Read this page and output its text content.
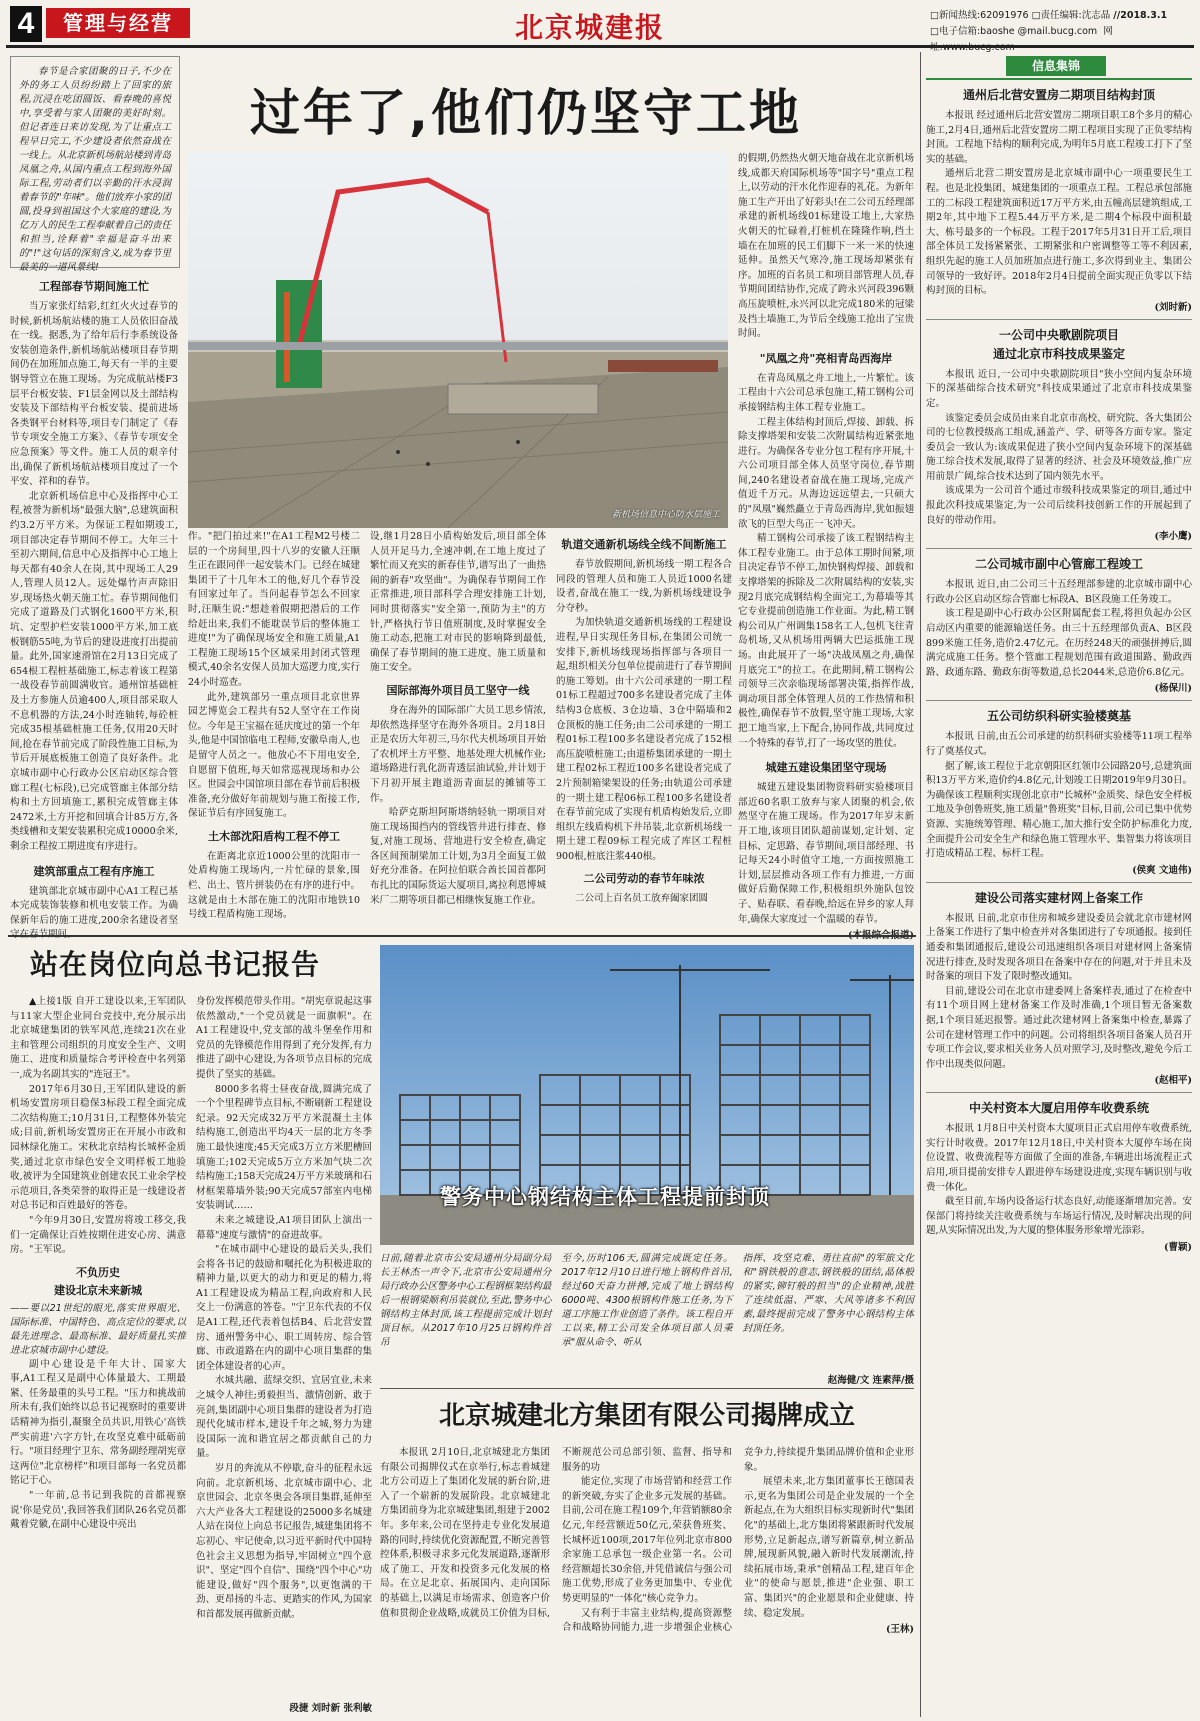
4	管理与经营	北京城建报	□新闻热线:62091976 □责任编辑:沈志晶 //2018.3.1
□电子信箱:baoshe @mail.bucg.com 网

春节是合家团聚的日子,不少在外的务工人员纷纷踏上了回家的旅程,沉浸在吃团圆饭、看春晚的喜悦中,享受着与家人团聚的美好时刻。但记者连日来访发现,为了让重点工程早日完工,不少建设者依然奋战在一线上。从北京新机场航站楼到青岛凤凰之舟,从国内重点工程到海外国际工程,劳动者们以辛勤的汗水浸润着春节的"年味"。他们放弃小家的团圆,投身到祖国这个大家庭的建设,为亿万人的民生工程奉献着自己的责任和担当,诠释着"幸福是奋斗出来的"!"这句话的深刻含义,成为春节里最美的一道风景线!

过年了,他们仍坚守工地
新机场信息中心防水层施工
工程部春节期间施工忙

当万家张灯结彩,红红火火过春节的时候,新机场航站楼的施工人员依旧奋战在一线。据悉,为了给年后行李系统设备安装创造条件,新机场航站楼项目春节期间仍在加班加点施工,每天有一半的主要钢导管立在施工现场。为完成航站楼F3层平台板安装、F1层金网以及土部结构安装及下部结构平台板安装、提前进场各类钢平台材料等,项目专门制定了《春节专项安全施工方案》、《春节专项安全应急预案》等文件。施工人员的艰辛付出,确保了新机场航站楼项目度过了一个平安、祥和的春节。

北京新机场信息中心及指挥中心工程,被誉为新机场"最强大脑",总建筑面积约3.2万平方米。为保证工程如期竣工,项目部决定春节期间不停工。大年三十至初六期间,信息中心及指挥中心工地上每天都有40余人在岗,其中现场工人29人,管理人员12人。远处爆竹声声除旧岁,现场热火朝天施工忙。春节期间他们完成了道路及门式钢化1600平方米,积坑、定型护栏安装1000平方米,加工底板钢筋55吨,为节后的建设进度打出提前量。此外,国家速滑馆在2月13日完成了654根工程桩基础施工,标志着该工程第一战役春节前圆满收官。通州馆基础桩及土方参施人员逾400人,项目部采取人不息机器的方法,24小时连轴转,每砼桩完成35根基础桩施工任务,仅用20天时间,抢在春节前完成了阶段性施工目标,为节后开展底板施工创造了良好条件。北京城市副中心行政办公区启动区综合管廊工程(七标段),已完成管廊主体部分结构和土方回填施工,累积完成管廊主体2472米,土方开挖和回填合计85万方,各类线槽和支架安装累积完成10000余米,剩余工程按工期进度有序进行。

建筑部重点工程有序施工

建筑部北京城市副中心A1工程已基本完成装饰装修和机电安装工作。为确保新年后的施工进度,200余名建设者坚

作。"把门拍过来!"在A1工程M2号楼二层的一个房间里,四十八岁的安徽人汪顺生正在跟同伴一起安装木门。已经在城建集团干了十几年木工的他,好几个春节没有回家过年了。当问起春节怎么不回家时,汪顺生说:"想趁着假期把潜后的工作给赶出来,我们不能耽误节后的整体施工进度!"为了确保现场安全和施工质量,A1工程施工现场15个区域采用封闭式管理模式,40余名安保人员加大巡逻力度,实行24小时巡查。

此外,建筑部另一重点项目北京世界园艺博览会工程共有52人坚守在工作岗位。今年是王宝福在延庆度过的第一个年头,他是中国馆临电工程师,安徽阜南人,也是留守人员之一。他放心不下用电安全,自愿留下值班,每天如常巡视现场和办公区。世园会中国馆项目部在春节前后积极准备,充分做好年前规划与施工衔接工作,保证节后有序回复施工。

土木部沈阳盾构工程不停工

在距离北京近1000公里的沈阳市一处盾构施工现场内,一片忙碌的景象,围栏、出土、管片拼装仍在有序的进行中。这就是由土木部在施工的沈阳市地铁10号线工程盾构施工现场。

设,继1月28日小盾构始发后,项目部全体人员开足马力,全速冲刺,在工地上度过了繁忙而又充实的新春佳节,谱写出了一曲热闹的新春"攻坚曲"。为确保春节期间工作正常推进,项目部科学合理安排施工计划,同时贯彻落实"安全第一,预防为主"的方针,严格执行节日值班制度,及时掌握安全施工动态,把施工对市民的影响降到最低,确保了春节期间的施工进度、施工质量和施工安全。

国际部海外项目员工坚守一线

身在海外的国际部广大员工思乡情浓,却依然选择坚守在海外各项目。2月18日正是农历大年初三,马尔代夫机场项目开始了农机坪土方平整、地基处理大机械作业;道场路进行乳化沥青透层油试验,并计划于下月初开展主跑道沥青面层的摊铺等工作。

哈萨克斯坦阿斯塔纳轻轨一期项目对施工现场围挡内的管线管井进行排查、修复,对施工现场、营地进行安全检查,确定各区间预制梁加工计划,为3月全面复工做好充分准备。在阿拉伯联合酋长国首都阿布扎比的国际货运大厦项目,离拉利恩博城米厂二期等项目都已相继恢复施工作业。

轨道交通新机场线全线不间断施工

春节放假期间,新机场线一期工程各合同段的管理人员和施工人员近1000名建设者,奋战在施工一线,为新机场线建设争分夺秒。

为加快轨道交通新机场线的工程建设进程,早日实现任务目标,在集团公司统一安排下,新机场线现场指挥部与各项目一起,组织相关分包单位提前进行了春节期间的施工筹划。由十六公司承建的一期工程01标工程超过700多名建设者完成了主体结构3仓底板、3仓边墙、3仓中隔墙和2仓顶板的施工任务;由二公司承建的一期工程01标工程100多名建设者完成了152根高压旋喷桩施工;由道桥集团承建的一期土建工程02标工程近100多名建设者完成了2片预制箱梁架设的任务;由轨道公司承建的一期土建工程06标工程100多名建设者在春节前完成了实现有机盾构始发后,立即组织左线盾构机下井吊装,北京新机场线一期土建工程09标工程完成了库区工程桩900根,桩底注浆440根。

二公司劳动的春节年味浓

二公司上百名员工放弃阖家团圆

的假期,仍然热火朝天地奋战在北京新机场线,成都天府国际机场等"国字号"重点工程上,以劳动的汗水化作迎春的礼花。为新年施工生产开出了好彩头!在二公司五经理部承建的新机场线01标建设工地上,大家热火朝天的忙碌着,打桩机在隆隆作响,挡土墙在在加班的民工们脚下一米一米的快速延伸。虽然天气寒冷,施工现场却紧张有序。加班的百名员工和项目部管理人员,春节期间团结协作,完成了跨永兴河段396颗高压旋喷桩,永兴河以北完成180米的冠梁及挡土墙施工,为节后全线施工抢出了宝贵时间。

"凤凰之舟"亮相青岛西海岸

在青岛凤凰之舟工地上,一片繁忙。该工程由十六公司总承包施工,精工钢构公司承接钢结构主体工程专业施工。

工程主体结构封顶后,焊接、卸载、拆除支撑塔架和安装二次附属结构近紧张地进行。为确保各专业分包工程有序开展,十六公司项目部全体人员坚守岗位,春节期间,240名建设者奋战在施工现场,完成产值近千万元。从海边远远望去,一只硕大的"凤凰"巍然矗立于青岛西海岸,犹如振翅欲飞的巨型大鸟正一飞冲天。

精工钢构公司承接了该工程钢结构主体工程专业施工。由于总体工期时间紧,项目决定春节不停工,加快钢构焊接、卸载和支撑塔架的拆除及二次附属结构的安装,实现2月底完成钢结构全面完工,为幕墙等其它专业提前创造施工作业面。为此,精工钢构公司从广州调集158名工人,包机飞往青岛机场,又从机场用两辆大巴运抵施工现场。由此展开了一场"决战凤凰之舟,确保月底完工"的拉工。在此期间,精工钢构公司领导三次亲临现场部署决策,指挥作战,调动项目部全体管理人员的工作热情和积极性,确保春节不放假,坚守施工现场,大家把工地当家,上下配合,协同作战,共同度过一个特殊的春节,打了一场攻坚的胜仗。

城建五建设集团坚守现场

城建五建设集团物资料研实验楼项目部近60名职工放弃与家人团聚的机会,依然坚守在施工现场。作为2017年岁末新开工地,该项目团队超前谋划,定计划、定目标、定思路、春节期间,项目部经理、书记每天24小时值守工地,一方面按照施工计划,层层推动各项工作有力推进,一方面做好后勤保障工作,积极组织外施队包饺子、贴春联、看春晚,给远在异乡的家人拜年,确保大家度过一个温暖的春节。

站在岗位向总书记报告

▲上接1版 自开工建设以来,王军团队与11家大型企业同台竞技中,充分展示出北京城建集团的铁军风范,连续21次在业主和管理公司组织的月度安全生产、文明施工、进度和质量综合考评检查中名列第一,成为名副其实的"连冠王"。

2017年6月30日,王军团队建设的新机场安置房项目稳保3标段工程全面完成二次结构施工;10月31日,工程整体外装完成;目前,新机场安置房正在开展小市政和园林绿化施工。宋秋北京结构长城杯金质奖,通过北京市绿色安全文明样板工地验收,被评为全国建筑业创建农民工业余学校示范项目,各类荣誉的取得正是一线建设者对总书记和百姓最好的答卷。

"今年9月30日,安置房将竣工移交,我们一定确保让百姓按期住进安心房、满意房。"王军说。

不负历史
建设北京未来新城

——要以21世纪的眼光,落实世界眼光、国际标准、中国特色、高点定位的要求,以最先进理念、最高标准、最好质量扎实推进北京城市副中心建设。

副中心建设是千年大计、国家大事,A1工程又是副中心体量最大、工期最紧、任务最重的头号工程。"压力和挑战前所未有,我们始终以总书记视察时的重要讲话精神为指引,凝聚全员共识,用铁心'高铁严实前进'六字方针,在攻坚克难中砥砺前行。"项目经理宁卫东、常务副经理胡宪章这两位"北京榜样"和项目部每一名党员都铭记于心。

"一年前,总书记到我院的首都视察说'你是党员',我回答我们团队26名党员都戴着党徽,在副中心建设中亮出

身份发挥模范带头作用。"胡宪章说起这事依然激动,"一个党员就是一面旗帜"。在A1工程建设中,党支部的战斗堡垒作用和党员的先锋模范作用得到了充分发挥,有力推进了副中心建设,为各项节点目标的完成提供了坚实的基础。

8000多名将士昼夜奋战,圆满完成了一个个里程碑节点目标,不断刷新工程建设纪录。92天完成32万平方米混凝土主体结构施工,创造出平均4天一层的北方冬季施工最快速度;45天完成3万立方米肥槽回填施工;102天完成5万立方米加气块二次结构施工;158天完成24万平方米玻璃和石材框架幕墙外装;90天完成57部室内电梯安装调试……

未来之城建设,A1项目团队上演出一幕幕"速度与激情"的奋进故事。

"在城市副中心建设的最后关头,我们会将各书记的鼓励和嘱托化为积极进取的精神力量,以更大的动力和更足的精力,将A1工程建设成为精品工程,向政府和人民交上一份满意的答卷。"宁卫东代表的不仅是A1工程,还代表着包括B4、后北营安置房、通州警务中心、职工周转房、综合管廊、市政道路在内的副中心项目集群的集团全体建设者的心声。

水城共融、蓝绿交织、宜居宜业,未来之城令人神往;勇毅担当、激情创新、敢于亮剑,集团副中心项目集群的建设者为打造现代化城市样本,建设千年之城,努力为建设国际一流和谐宜居之都贡献自己的力量。

岁月的奔流从不停歇,奋斗的征程永远向前。北京新机场、北京城市副中心、北京世园会、北京冬奥会各项目集群,延伸至六大产业各大工程建设的25000多名城建人站在岗位上向总书记报告,城建集团将不忘初心、牢记使命,以习近平新时代中国特色社会主义思想为指导,牢固树立"四个意识"、坚定"四个自信"、围绕"四个中心"功能建设,做好"四个服务",以更饱满的干劲、更昂扬的斗志、更踏实的作风,为国家和首都发展再做新贡献。

段捷 刘时新 张利敏
警务中心钢结构主体工程提前封顶

日前,随着北京市公安局通州分局副分局长王林杰一声令下,北京市公安局通州分局行政办公区警务中心工程钢框架结构最后一根钢梁顺利吊装就位,至此,警务中心钢结构主体封顶,该工程提前完成计划封顶目标。从2017年10月25日钢构件首吊

至今,历时106天,圆满完成既定任务。2017年12月10日进行地上钢构件首吊,经过60天奋力拼搏,完成了地上钢结构6000吨、4300根钢构件施工任务,为下道工序施工作业创造了条件。该工程自开工以来,精工公司发全体项目部人员秉承"服从命令、听从

指挥、攻坚克难、勇往直前"的军旅文化和"钢铁般的意志,钢铁般的团结,晶体般的紧实,铆钉般的担当"的企业精神,战胜了连续低温、严寒、大风等诸多不利因素,最终提前完成了警务中心钢结构主体封顶任务。

赵海健/文 连素萍/摄
北京城建北方集团有限公司揭牌成立

本报讯 2月10日,北京城建北方集团有限公司揭牌仪式在京举行,标志着城建北方公司迈上了集团化发展的新台阶,进入了一个崭新的发展阶段。北京城建北方集团前身为北京城建集团,组建于2002年。多年来,公司在坚持走专业化发展道路的同时,持续优化资源配置,不断完善管控体系,积极寻求多元化发展道路,逐渐形成了施工、开发和投资多元化发展的格局。在立足北京、拓展国内、走向国际的基础上,以满足市场需求、创造客户价值和贯彻企业战略,成就员工价值为目标,不断规范公司总部引领、监督、指导和服务的功

能定位,实现了市场营销和经营工作的新突破,夯实了企业多元发展的基础。目前,公司在施工程109个,年营销额80余亿元,年经营额近50亿元,荣获鲁班奖、长城杯近100项,2017年位列北京市800余家施工总承包一级企业第一名。公司经营额超长30余倍,并凭借诚信与强公司施工优势,形成了业务更加集中、专业优势更明显的"一体化"核心竞争力。

又有利于丰富主业结构,提高资源整合和战略协同能力,进一步增强企业核心竞争力,持续提升集团品牌价值和企业形象。

展望未来,北方集团董事长王德国表示,更名为集团公司是企业发展的一个全新起点,在为大组织目标实现新时代"集团化"的基础上,北方集团将紧跟新时代发展形势,立足新起点,谱写新篇章,树立新品牌,展现新风貌,融入新时代发展潮流,持续拓展市场,秉承"创精品工程,建百年企业"的使命与愿景,推进"企业强、职工富、集团兴"的企业愿景和企业健康、持续、稳定发展。

(王林)
信息集锦
通州后北营安置房二期项目结构封顶

本报讯 经过通州后北营安置房二期项目职工8个多月的精心施工,2月4日,通州后北营安置房二期工程项目实现了正负零结构封顶。工程地下结构的顺利完成,为明年5月底工程竣工打下了坚实的基础。

通州后北营二期安置房是北京城市副中心一项重要民生工程。也是北投集团、城建集团的一项重点工程。工程总承包部施工的二标段工程建筑面积近17万平方米,由五幢高层建筑组成,工期2年,其中地下工程5.44万平方米,是二期4个标段中面积最大、栋号最多的一个标段。工程于2017年5月31日开工后,项目部全体员工发扬紧紧张、工期紧张和户密调整等工等不利因素,组织先起的施工人员加班加点进行施工,多次得到业主、集团公司领导的一致好评。2018年2月4日提前全面实现正负零以下结构封顶的目标。

(刘时新)
一公司中央歌剧院项目
通过北京市科技成果鉴定

本报讯 近日,一公司中央歌剧院项目"狭小空间内复杂环境下的深基础综合技术研究"科技成果通过了北京市科技成果鉴定。

该鉴定委员会成员由来自北京市高校、研究院、各大集团公司的七位教授级高工组成,涵盖产、学、研等各方面专家。鉴定委员会一致认为:该成果促进了狭小空间内复杂环境下的深基础施工综合技术发展,取得了显著的经济、社会及环境效益,推广应用前景广阔,综合技术达到了国内领先水平。

该成果为一公司首个通过市级科技成果鉴定的项目,通过中报此次科技成果鉴定,为一公司后续科技创新工作的开展起到了良好的带动作用。

(李小鹰)
二公司城市副中心管廊工程竣工

本报讯 近日,由二公司三十五经理部参建的北京城市副中心行政办公区启动区综合管廊七标段A、B区段施工任务竣工。

该工程是副中心行政办公区附属配套工程,将担负起办公区启动区内重要的能源输送任务。由三十五经理部负责A、B区段899米施工任务,造价2.47亿元。在历经248天的顽强拼搏后,圆满完成施工任务。整个管廊工程规划范围有政道围路、勤政西路、政通东路、勤政东街等数道,总长2044米,总造价6.8亿元。

(杨保川)
五公司纺织科研实验楼奠基

本报讯 日前,由五公司承建的纺织科研实验楼等11项工程举行了奠基仪式。

据了解,该工程位于北京朝阳区红领巾公园路20号,总建筑面积13万平方米,造价约4.8亿元,计划竣工日期2019年9月30日。为确保该工程顺利实现创北京市"长城杯"金质奖、绿色安全样板工地及争创鲁班奖,施工质量"鲁班奖"目标,目前,公司已集中优势资源、实施统筹管理、精心施工,加大推行安全防护标准化力度,全面提升公司安全生产和绿色施工管理水平、集智集力将该项目打造成精品工程、标杆工程。

(侯爽 文迪伟)
建设公司落实建材网上备案工作

本报讯 日前,北京市住房和城乡建设委员会就北京市建材网上备案工作进行了集中检查并对各集团进行了专项通报。接到任通委和集团通报后,建设公司迅速组织各项目对建材网上备案情况进行排查,及时发现各项目在备案中存在的问题,对于并且未及时备案的项目下发了限时整改通知。

目前,建设公司在北京市建委网上备案样表,通过了在检查中有11个项目网上建材备案工作及时准确,1个项目暂无备案数据,1个项目延迟报警。通过此次建材网上备案集中检查,暴露了公司在建材管理工作中的问题。公司将组织各项目备案人员召开专项工作会议,要求相关业务人员对照学习,及时整改,避免今后工作中出现类似问题。

(赵相平)
中关村资本大厦启用停车收费系统

本报讯 1月8日中关村资本大厦项目正式启用停车收费系统,实行计时收费。2017年12月18日,中关村资本大厦停车场在岗位设置、收费流程等方面做了全面的准备,车辆进出场流程正式启用,项目提前安排专人跟进停车场建设进度,实现车辆识别与收费一体化。

截至目前,车场内设备运行状态良好,动能逐渐增加完善。安保部门将持续关注收费系统与车场运行情况,及时解决出现的问题,从实际情况出发,为大厦的整体服务形象增光添彩。

(曹颖)
